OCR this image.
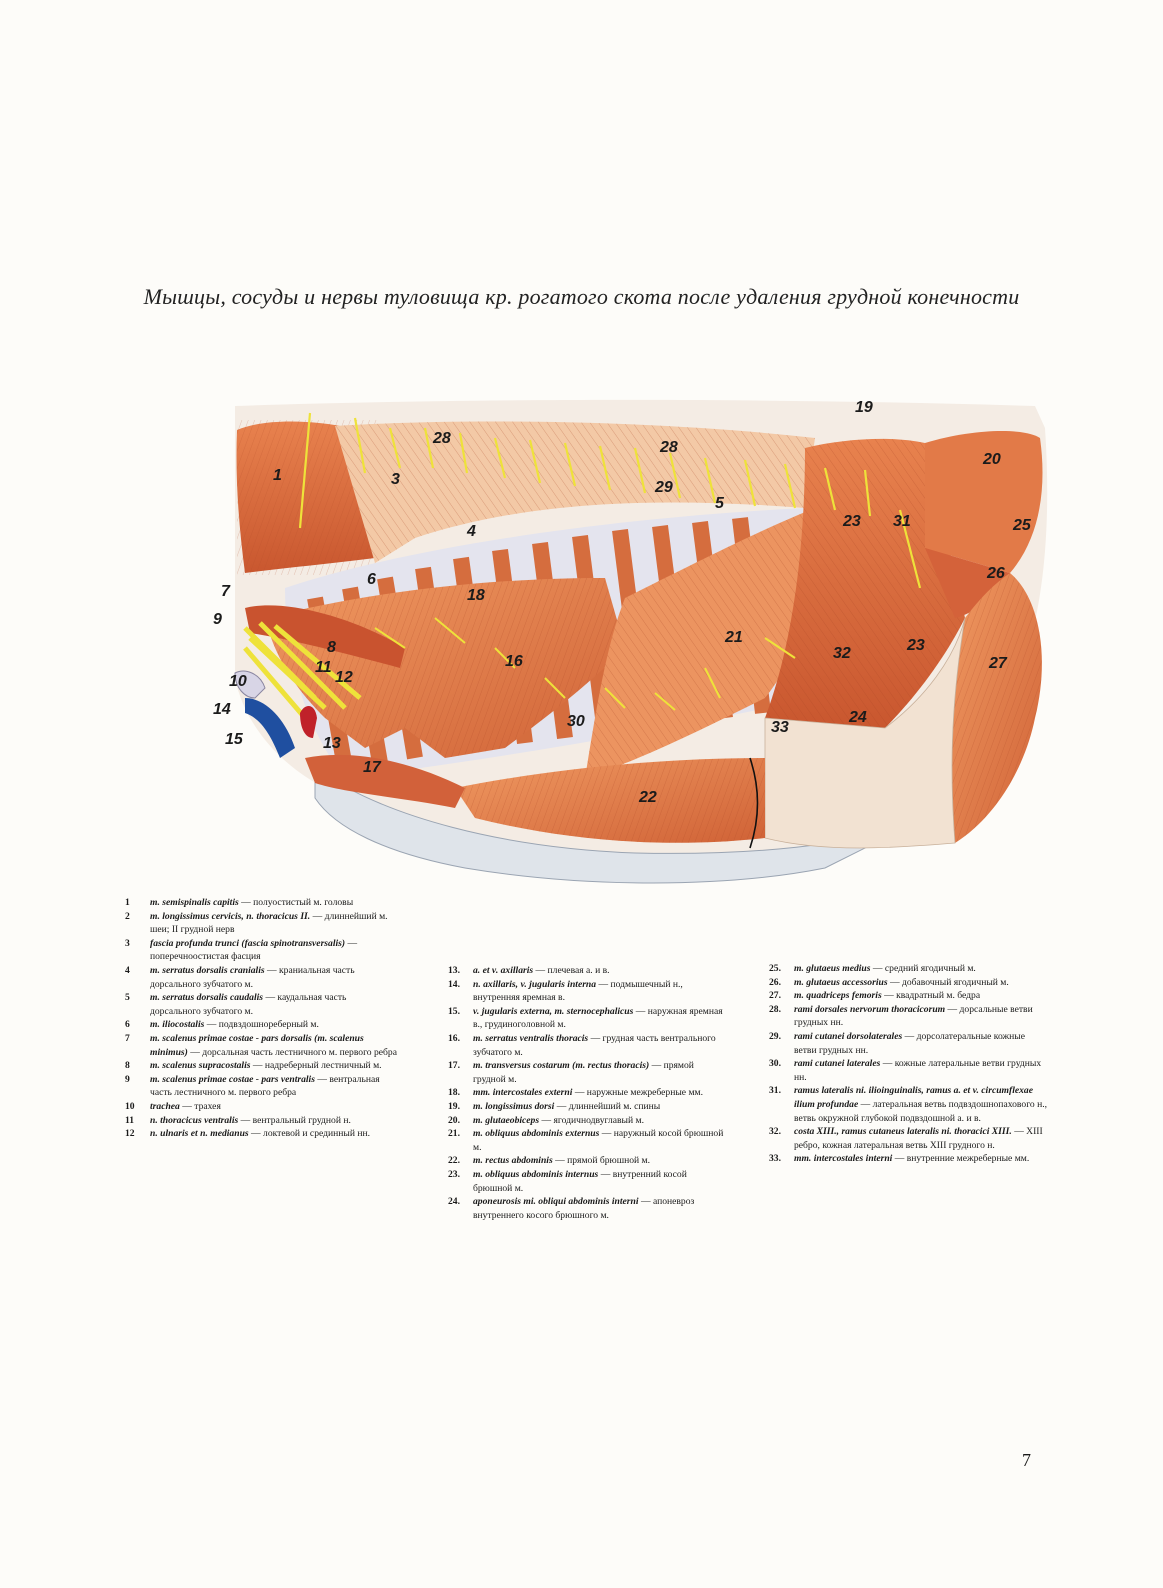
Мышцы, сосуды и нервы туловища кр. рогатого скота после удаления грудной конечности
1	3
28
28
19
20
25
29
5
23 31
26
4
6
7
9
18
8
11
12
10
14
15	13
16
21
32	23
27
30	33
24
17
22
1	m. semispinalis capitis — полуостистый м. головы
2	m. longissimus cervicis, n. thoracicus II. — длиннейший м. шеи; II грудной нерв
3	fascia profunda trunci (fascia spinotransversalis) — поперечноостистая фасция
4	m. serratus dorsalis cranialis — краниальная часть дорсального зубчатого м.
5	m. serratus dorsalis caudalis — каудальная часть дорсального зубчатого м.
6	m. iliocostalis — подвздошнореберный м.
7	m. scalenus primae costae - pars dorsalis (m. scalenus minimus) — дорсальная часть лестничного м. первого ребра
8	m. scalenus supracostalis — надреберный лестничный м.
9	m. scalenus primae costae - pars ventralis — вентральная часть лестничного м. первого ребра
10	trachea — трахея
11	n. thoracicus ventralis — вентральный грудной н.
12	n. ulnaris et n. medianus — локтевой и срединный нн.
13.	a. et v. axillaris — плечевая а. и в.
14.	n. axillaris, v. jugularis interna — подмышечный н., внутренняя яремная в.
15.	v. jugularis externa, m. sternocephalicus — наружная яремная в., грудиноголовной м.
16.	m. serratus ventralis thoracis — грудная часть вентрального зубчатого м.
17.	m. transversus costarum (m. rectus thoracis) — прямой грудной м.
18.	mm. intercostales externi — наружные межреберные мм.
19.	m. longissimus dorsi — длиннейший м. спины
20.	m. glutaeobiceps — ягодичнодвуглавый м.
21.	m. obliquus abdominis externus — наружный косой брюшной м.
22.	m. rectus abdominis — прямой брюшной м.
23.	m. obliquus abdominis internus — внутренний косой брюшной м.
24.	aponeurosis mi. obliqui abdominis interni — апоневроз внутреннего косого брюшного м.
25.	m. glutaeus medius — средний ягодичный м.
26.	m. glutaeus accessorius — добавочный ягодичный м.
27.	m. quadriceps femoris — квадратный м. бедра
28.	rami dorsales nervorum thoracicorum — дорсальные ветви грудных нн.
29.	rami cutanei dorsolaterales — дорсолатеральные кожные ветви грудных нн.
30.	rami cutanei laterales — кожные латеральные ветви грудных нн.
31.	ramus lateralis ni. ilioinguinalis, ramus a. et v. circumflexae ilium profundae — латеральная ветвь подвздошнопахового н., ветвь окружной глубокой подвздошной а. и в.
32.	costa XIII., ramus cutaneus lateralis ni. thoracici XIII. — XIII ребро, кожная латеральная ветвь XIII грудного н.
33.	mm. intercostales interni — внутренние межреберные мм.
7
